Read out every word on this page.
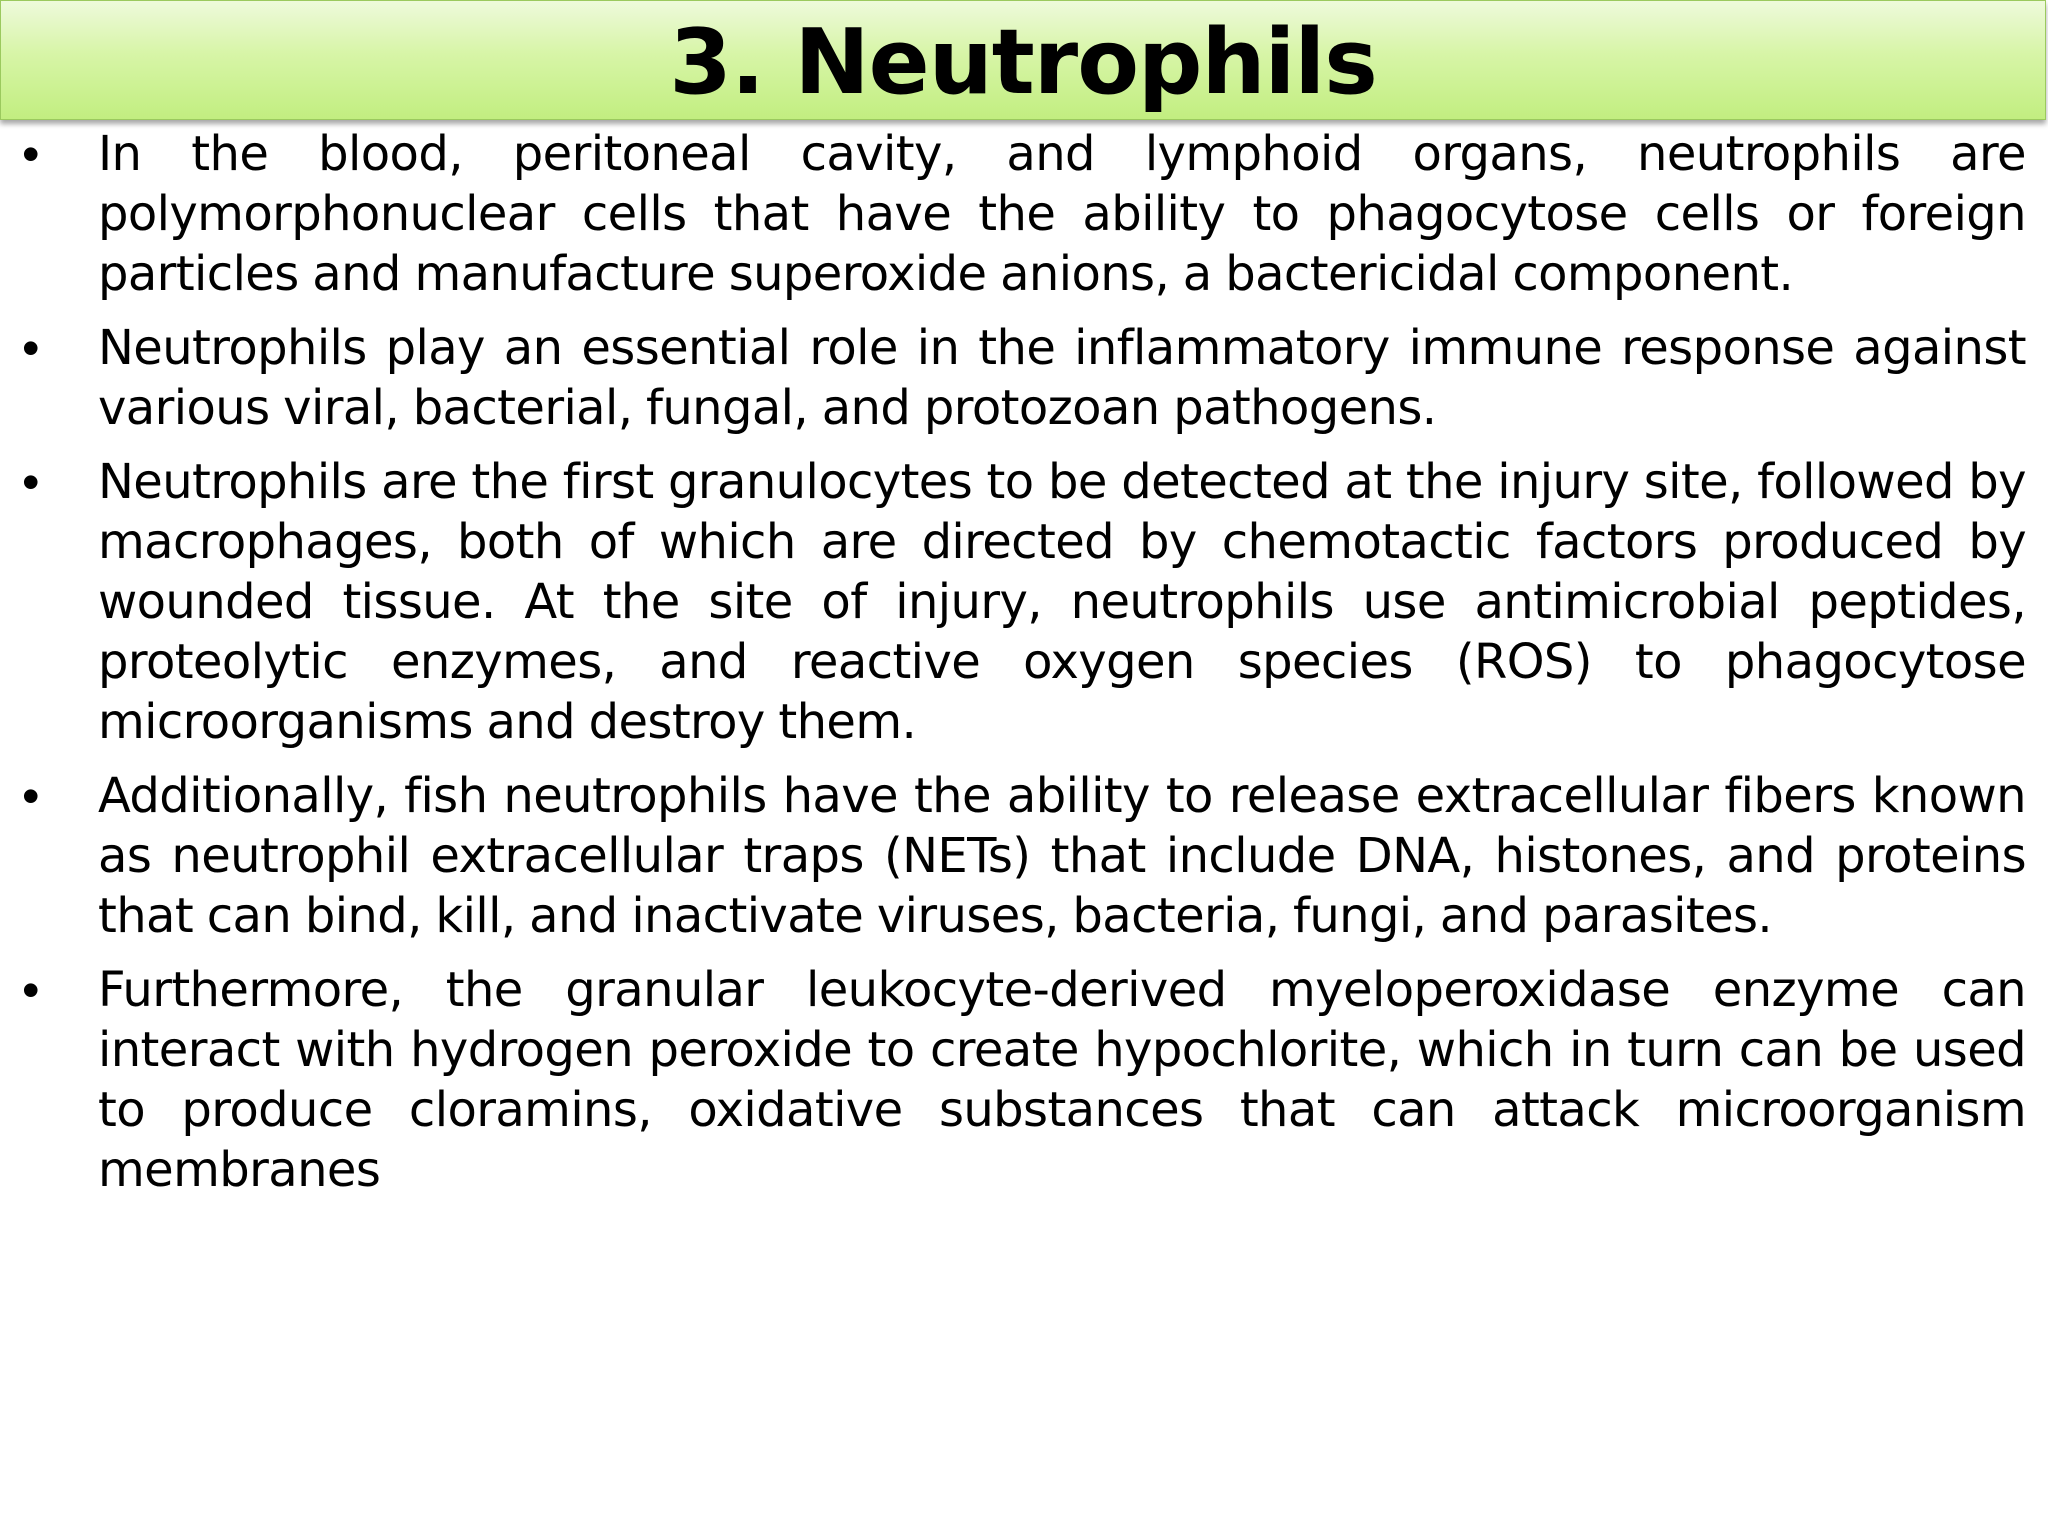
3. Neutrophils
• In the blood, peritoneal cavity, and lymphoid organs, neutrophils are polymorphonuclear cells that have the ability to phagocytose cells or foreign particles and manufacture superoxide anions, a bactericidal component.
• Neutrophils play an essential role in the inflammatory immune response against various viral, bacterial, fungal, and protozoan pathogens.
• Neutrophils are the first granulocytes to be detected at the injury site, followed by macrophages, both of which are directed by chemotactic factors produced by wounded tissue. At the site of injury, neutrophils use antimicrobial peptides, proteolytic enzymes, and reactive oxygen species (ROS) to phagocytose microorganisms and destroy them.
• Additionally, fish neutrophils have the ability to release extracellular fibers known as neutrophil extracellular traps (NETs) that include DNA, histones, and proteins that can bind, kill, and inactivate viruses, bacteria, fungi, and parasites.
• Furthermore, the granular leukocyte-derived myeloperoxidase enzyme can interact with hydrogen peroxide to create hypochlorite, which in turn can be used to produce cloramins, oxidative substances that can attack microorganism membranes
